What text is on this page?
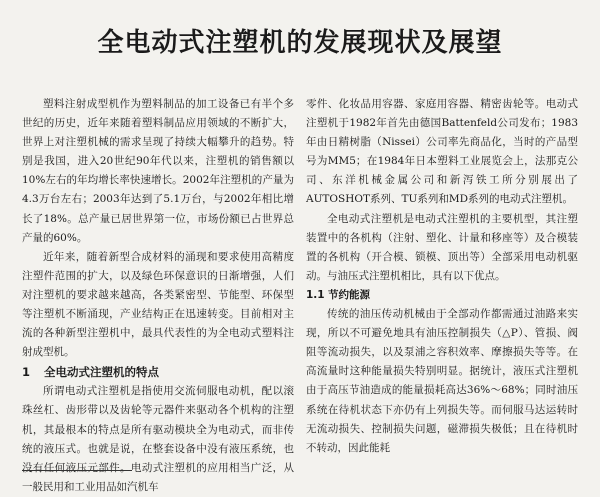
全电动式注塑机的发展现状及展望

塑料注射成型机作为塑料制品的加工设备已有半个多世纪的历史，近年来随着塑料制品应用领域的不断扩大，世界上对注塑机械的需求呈现了持续大幅攀升的趋势。特别是我国，进入20世纪90年代以来，注塑机的销售额以10%左右的年均增长率快速增长。2002年注塑机的产量为4.3万台左右；2003年达到了5.1万台，与2002年相比增长了18%。总产量已居世界第一位，市场份额已占世界总产量的60%。

近年来，随着新型合成材料的涌现和要求使用高精度注塑件范围的扩大，以及绿色环保意识的日渐增强，人们对注塑机的要求越来越高，各类紧密型、节能型、环保型等注塑机不断涌现，产业结构正在迅速转变。目前相对主流的各种新型注塑机中，最具代表性的为全电动式塑料注射成型机。

1 全电动式注塑机的特点

所谓电动式注塑机是指使用交流伺服电动机，配以滚珠丝杠、齿形带以及齿轮等元器件来驱动各个机构的注塑机，其最根本的特点是所有驱动模块全为电动式，而非传统的液压式。也就是说，在整套设备中没有液压系统，也没有任何液压元部件。电动式注塑机的应用相当广泛，从一般民用和工业用品如汽机车

零件、化妆品用容器、家庭用容器、精密齿轮等。电动式注塑机于1982年首先由德国Battenfeld公司发布；1983年由日精树脂（Nissei）公司率先商品化，当时的产品型号为MM5；在1984年日本塑料工业展览会上，法那克公司、东洋机械金属公司和新泻铁工所分别展出了AUTOSHOT系列、TU系列和MD系列的电动式注塑机。

全电动式注塑机是电动式注塑机的主要机型，其注塑装置中的各机构（注射、塑化、计量和移座等）及合模装置的各机构（开合模、锁模、顶出等）全部采用电动机驱动。与油压式注塑机相比，具有以下优点。

1.1 节约能源

传统的油压传动机械由于全部动作都需通过油路来实现，所以不可避免地具有油压控制损失（△P）、管损、阀阻等流动损失，以及泵浦之容积效率、摩擦损失等等。在高流量时这种能量损失特别明显。据统计，液压式注塑机由于高压节油造成的能量损耗高达36%～68%；同时油压系统在待机状态下亦仍有上列损失等。而伺服马达运转时无流动损失、控制损失问题，磁滞损失极低；且在待机时不转动，因此能耗
